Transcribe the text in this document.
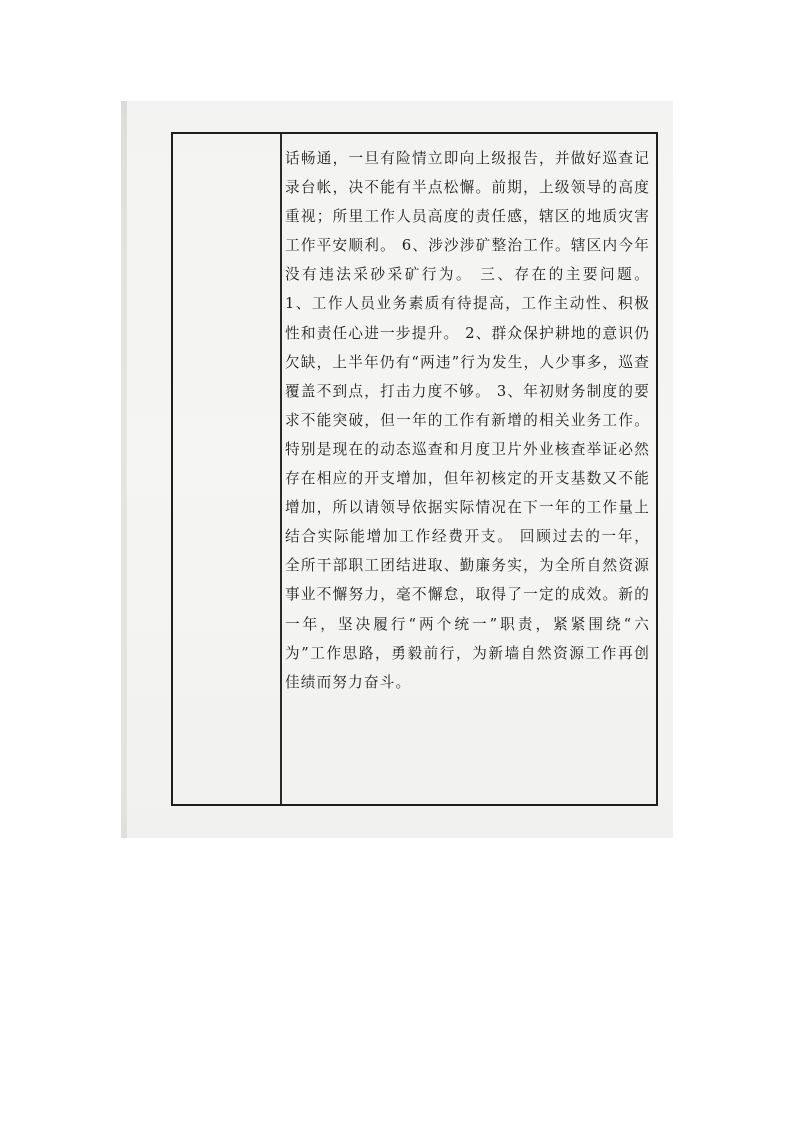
话畅通，一旦有险情立即向上级报告，并做好巡查记录台帐，决不能有半点松懈。前期，上级领导的高度重视；所里工作人员高度的责任感，辖区的地质灾害工作平安顺利。 6、涉沙涉矿整治工作。辖区内今年没有违法采砂采矿行为。 三、存在的主要问题。 1、工作人员业务素质有待提高，工作主动性、积极性和责任心进一步提升。 2、群众保护耕地的意识仍欠缺，上半年仍有“两违”行为发生，人少事多，巡查覆盖不到点，打击力度不够。 3、年初财务制度的要求不能突破，但一年的工作有新增的相关业务工作。特别是现在的动态巡查和月度卫片外业核查举证必然存在相应的开支增加，但年初核定的开支基数又不能增加，所以请领导依据实际情况在下一年的工作量上结合实际能增加工作经费开支。 回顾过去的一年，全所干部职工团结进取、勤廉务实，为全所自然资源事业不懈努力，毫不懈怠，取得了一定的成效。新的一年，坚决履行“两个统一”职责，紧紧围绕“六为”工作思路，勇毅前行，为新墙自然资源工作再创佳绩而努力奋斗。
